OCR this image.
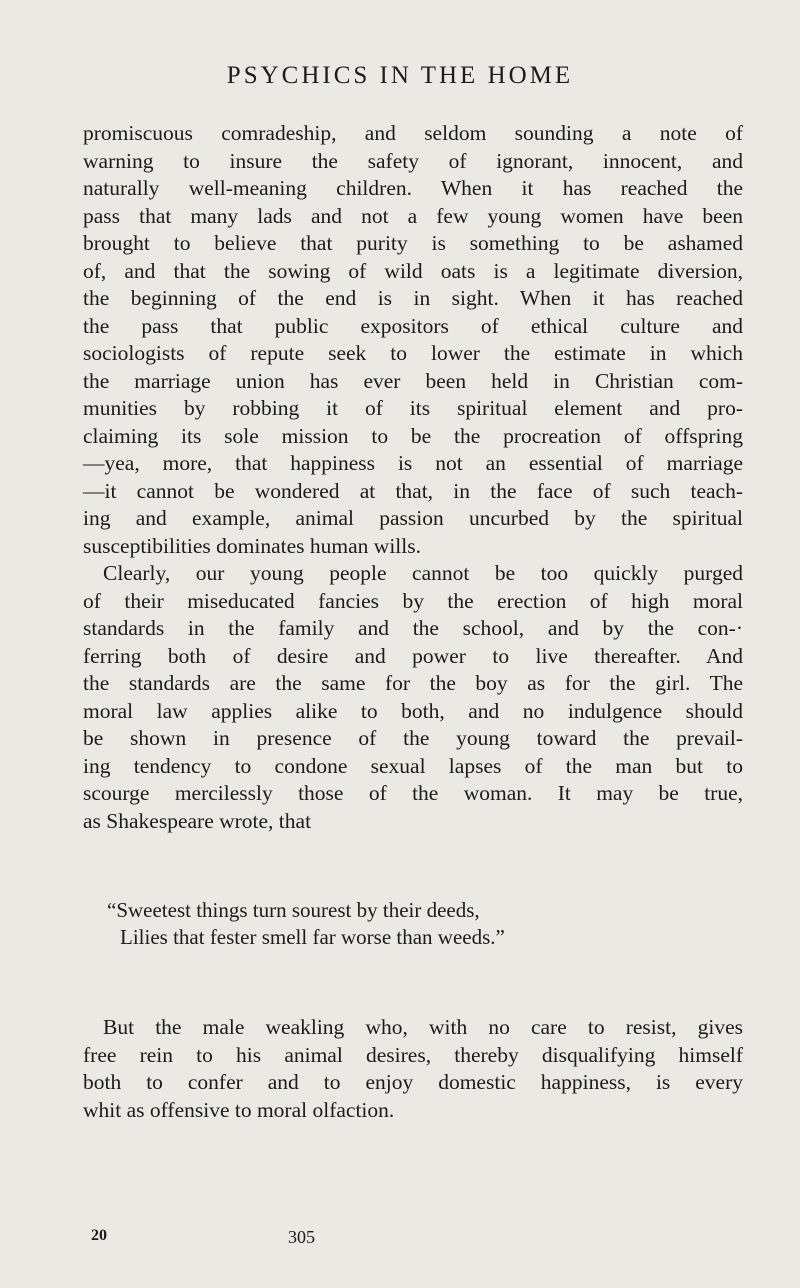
PSYCHICS IN THE HOME
promiscuous comradeship, and seldom sounding a note of
warning to insure the safety of ignorant, innocent, and
naturally well-meaning children. When it has reached the
pass that many lads and not a few young women have been
brought to believe that purity is something to be ashamed
of, and that the sowing of wild oats is a legitimate diversion,
the beginning of the end is in sight. When it has reached
the pass that public expositors of ethical culture and
sociologists of repute seek to lower the estimate in which
the marriage union has ever been held in Christian com-
munities by robbing it of its spiritual element and pro-
claiming its sole mission to be the procreation of offspring
—yea, more, that happiness is not an essential of marriage
—it cannot be wondered at that, in the face of such teach-
ing and example, animal passion uncurbed by the spiritual
susceptibilities dominates human wills.
Clearly, our young people cannot be too quickly purged
of their miseducated fancies by the erection of high moral
standards in the family and the school, and by the con-·
ferring both of desire and power to live thereafter. And
the standards are the same for the boy as for the girl. The
moral law applies alike to both, and no indulgence should
be shown in presence of the young toward the prevail-
ing tendency to condone sexual lapses of the man but to
scourge mercilessly those of the woman. It may be true,
as Shakespeare wrote, that
“Sweetest things turn sourest by their deeds,
Lilies that fester smell far worse than weeds.”
But the male weakling who, with no care to resist, gives
free rein to his animal desires, thereby disqualifying himself
both to confer and to enjoy domestic happiness, is every
whit as offensive to moral olfaction.
20	305
